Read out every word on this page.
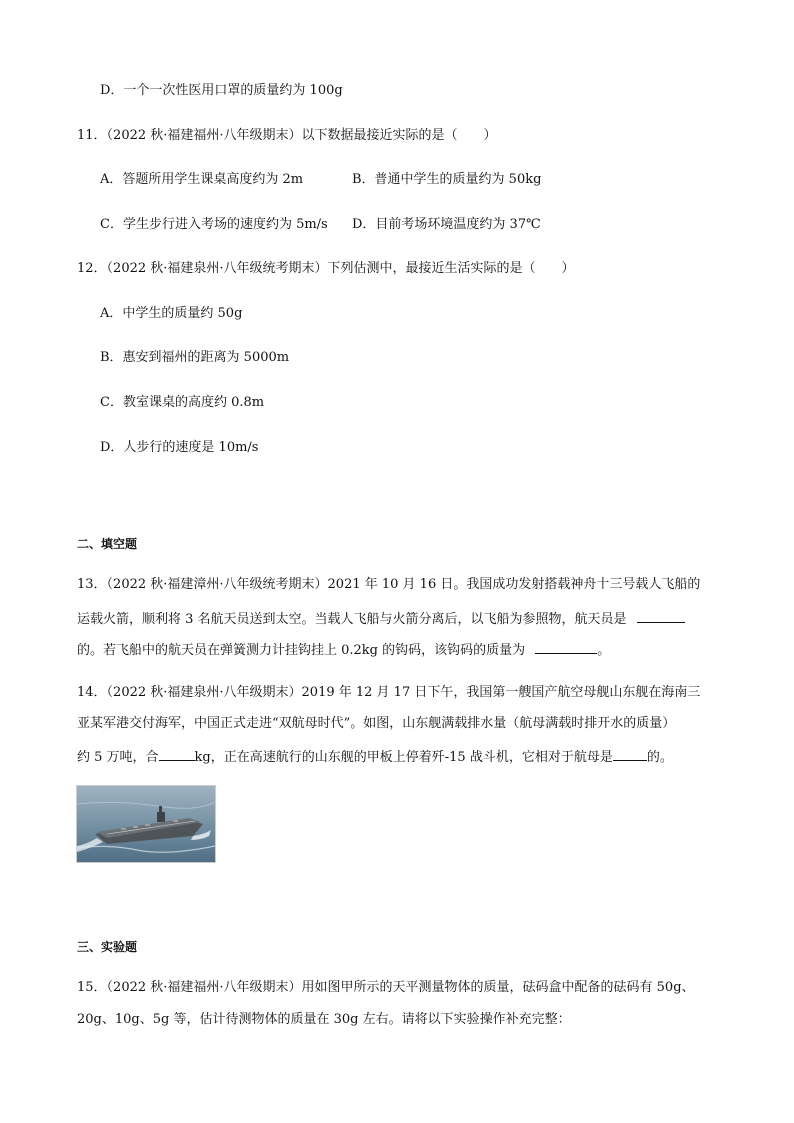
D．一个一次性医用口罩的质量约为 100g
11．（2022 秋·福建福州·八年级期末）以下数据最接近实际的是（　　）
A．答题所用学生课桌高度约为 2m	B．普通中学生的质量约为 50kg
C．学生步行进入考场的速度约为 5m/s D．目前考场环境温度约为 37℃
12．（2022 秋·福建泉州·八年级统考期末）下列估测中，最接近生活实际的是（　　）
A．中学生的质量约 50g
B．惠安到福州的距离为 5000m
C．教室课桌的高度约 0.8m
D．人步行的速度是 10m/s
二、填空题
13．（2022 秋·福建漳州·八年级统考期末）2021 年 10 月 16 日。我国成功发射搭载神舟十三号载人飞船的
运载火箭，顺利将 3 名航天员送到太空。当载人飞船与火箭分离后，以飞船为参照物，航天员是
的。若飞船中的航天员在弹簧测力计挂钩挂上 0.2kg 的钩码，该钩码的质量为	。
14．（2022 秋·福建泉州·八年级期末）2019 年 12 月 17 日下午，我国第一艘国产航空母舰山东舰在海南三
亚某军港交付海军，中国正式走进“双航母时代”。如图，山东舰满载排水量（航母满载时排开水的质量）
约 5 万吨，合	kg，正在高速航行的山东舰的甲板上停着歼-15 战斗机，它相对于航母是	的。
三、实验题
15．（2022 秋·福建福州·八年级期末）用如图甲所示的天平测量物体的质量，砝码盒中配备的砝码有 50g、
20g、10g、5g 等，估计待测物体的质量在 30g 左右。请将以下实验操作补充完整：
